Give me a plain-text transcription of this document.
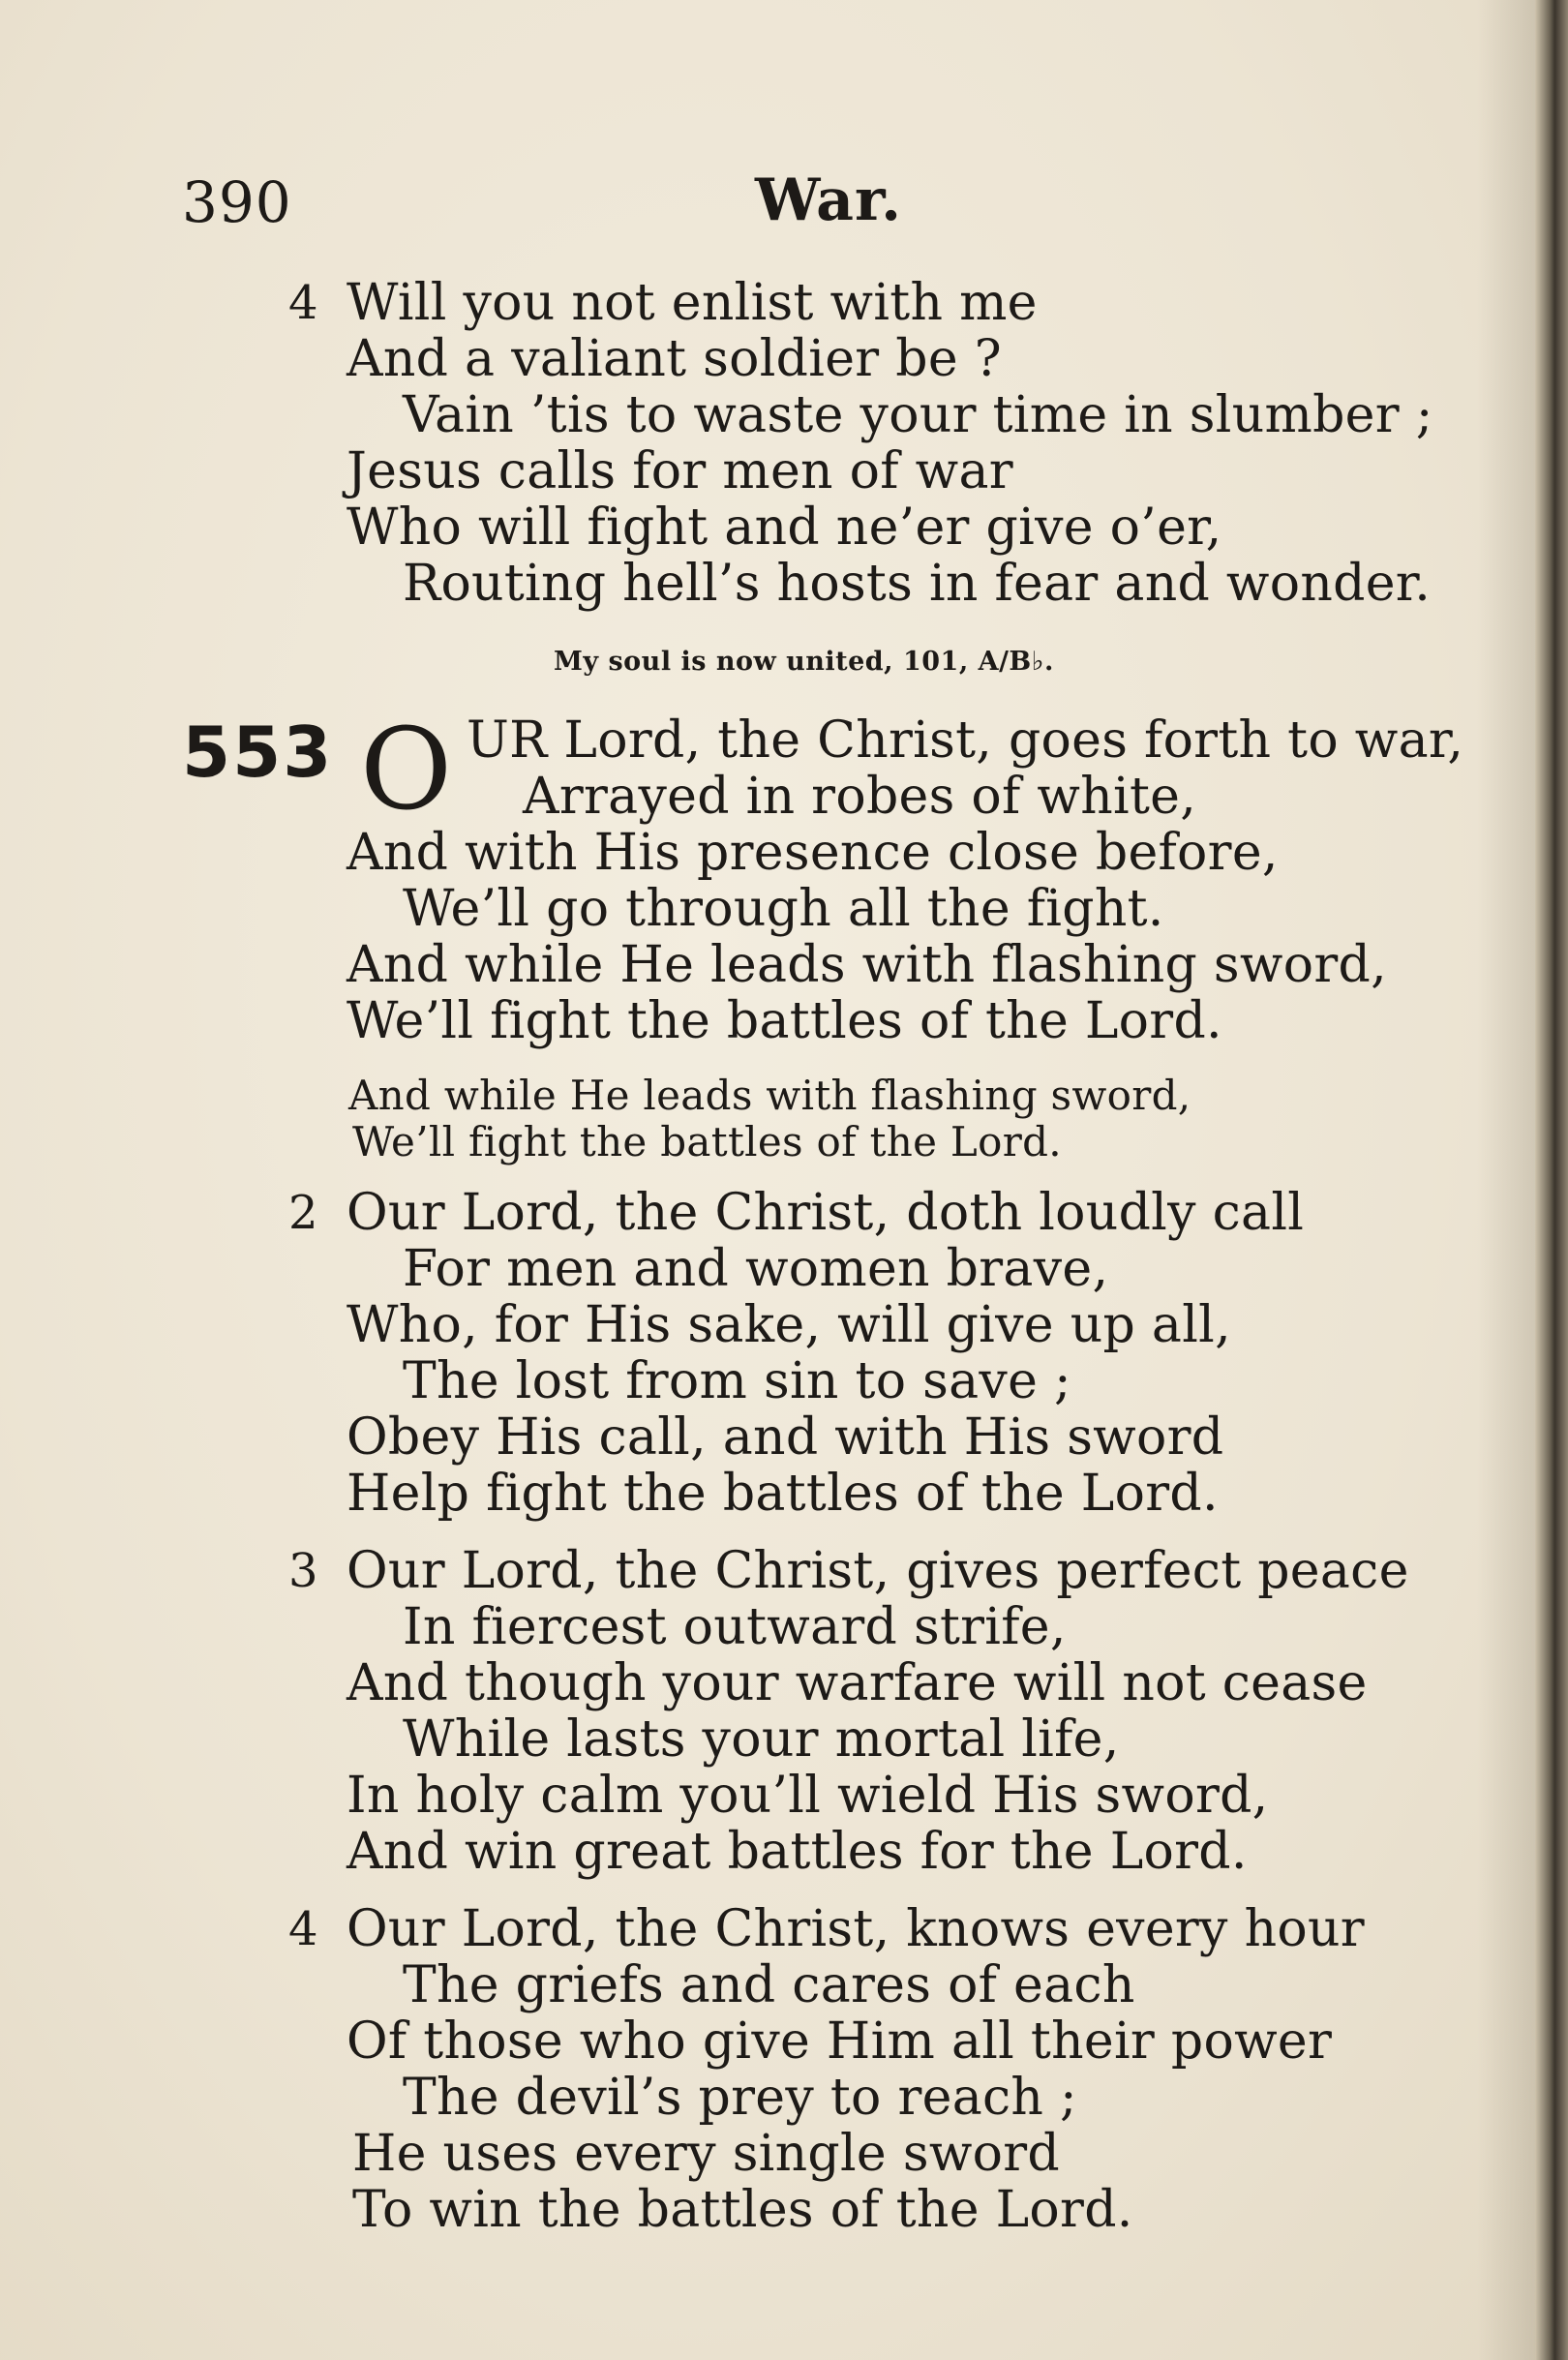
390	War.
4 Will you not enlist with me
And a valiant soldier be ?
Vain ’tis to waste your time in slumber ;
Jesus calls for men of war
Who will fight and ne’er give o’er,
Routing hell’s hosts in fear and wonder.
My soul is now united, 101, A/B♭.
553 O UR Lord, the Christ, goes forth to war,
Arrayed in robes of white,
And with His presence close before,
We’ll go through all the fight.
And while He leads with flashing sword,
We’ll fight the battles of the Lord.
And while He leads with flashing sword,
We’ll fight the battles of the Lord.
2 Our Lord, the Christ, doth loudly call
For men and women brave,
Who, for His sake, will give up all,
The lost from sin to save ;
Obey His call, and with His sword
Help fight the battles of the Lord.
3 Our Lord, the Christ, gives perfect peace
In fiercest outward strife,
And though your warfare will not cease
While lasts your mortal life,
In holy calm you’ll wield His sword,
And win great battles for the Lord.
4 Our Lord, the Christ, knows every hour
The griefs and cares of each
Of those who give Him all their power
The devil’s prey to reach ;
He uses every single sword
To win the battles of the Lord.
